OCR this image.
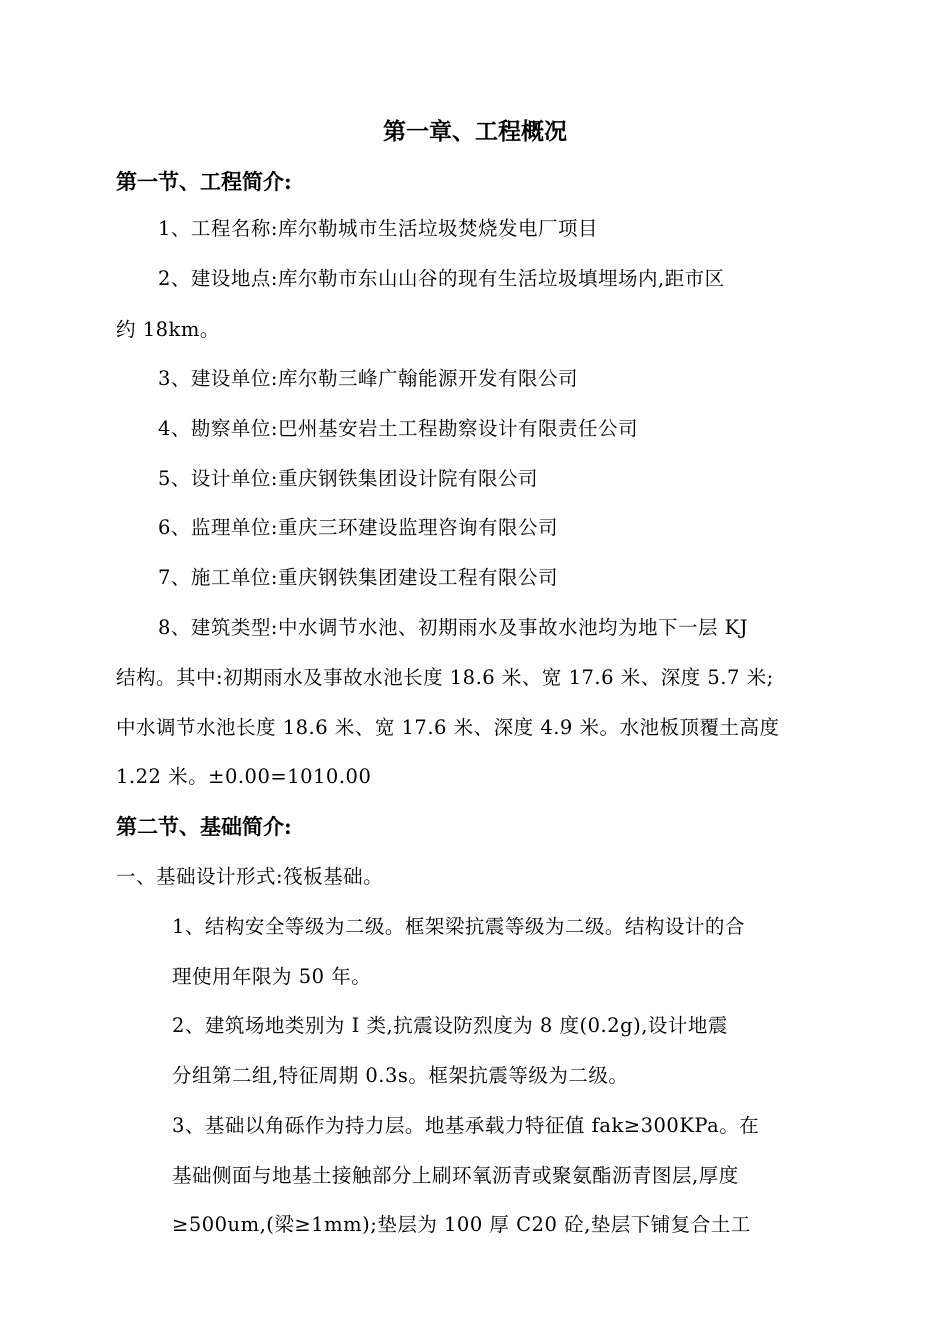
第一章、工程概况
第一节、工程简介:
1、工程名称:库尔勒城市生活垃圾焚烧发电厂项目
2、建设地点:库尔勒市东山山谷的现有生活垃圾填埋场内,距市区
约 18km。
3、建设单位:库尔勒三峰广翰能源开发有限公司
4、勘察单位:巴州基安岩土工程勘察设计有限责任公司
5、设计单位:重庆钢铁集团设计院有限公司
6、监理单位:重庆三环建设监理咨询有限公司
7、施工单位:重庆钢铁集团建设工程有限公司
8、建筑类型:中水调节水池、初期雨水及事故水池均为地下一层 KJ
结构。其中:初期雨水及事故水池长度 18.6 米、宽 17.6 米、深度 5.7 米;
中水调节水池长度 18.6 米、宽 17.6 米、深度 4.9 米。水池板顶覆土高度
1.22 米。±0.00=1010.00
第二节、基础简介:
一、基础设计形式:筏板基础。
1、结构安全等级为二级。框架梁抗震等级为二级。结构设计的合
理使用年限为 50 年。
2、建筑场地类别为 I 类,抗震设防烈度为 8 度(0.2g),设计地震
分组第二组,特征周期 0.3s。框架抗震等级为二级。
3、基础以角砾作为持力层。地基承载力特征值 fak≥300KPa。在
基础侧面与地基土接触部分上刷环氧沥青或聚氨酯沥青图层,厚度
≥500um,(梁≥1mm);垫层为 100 厚 C20 砼,垫层下铺复合土工
